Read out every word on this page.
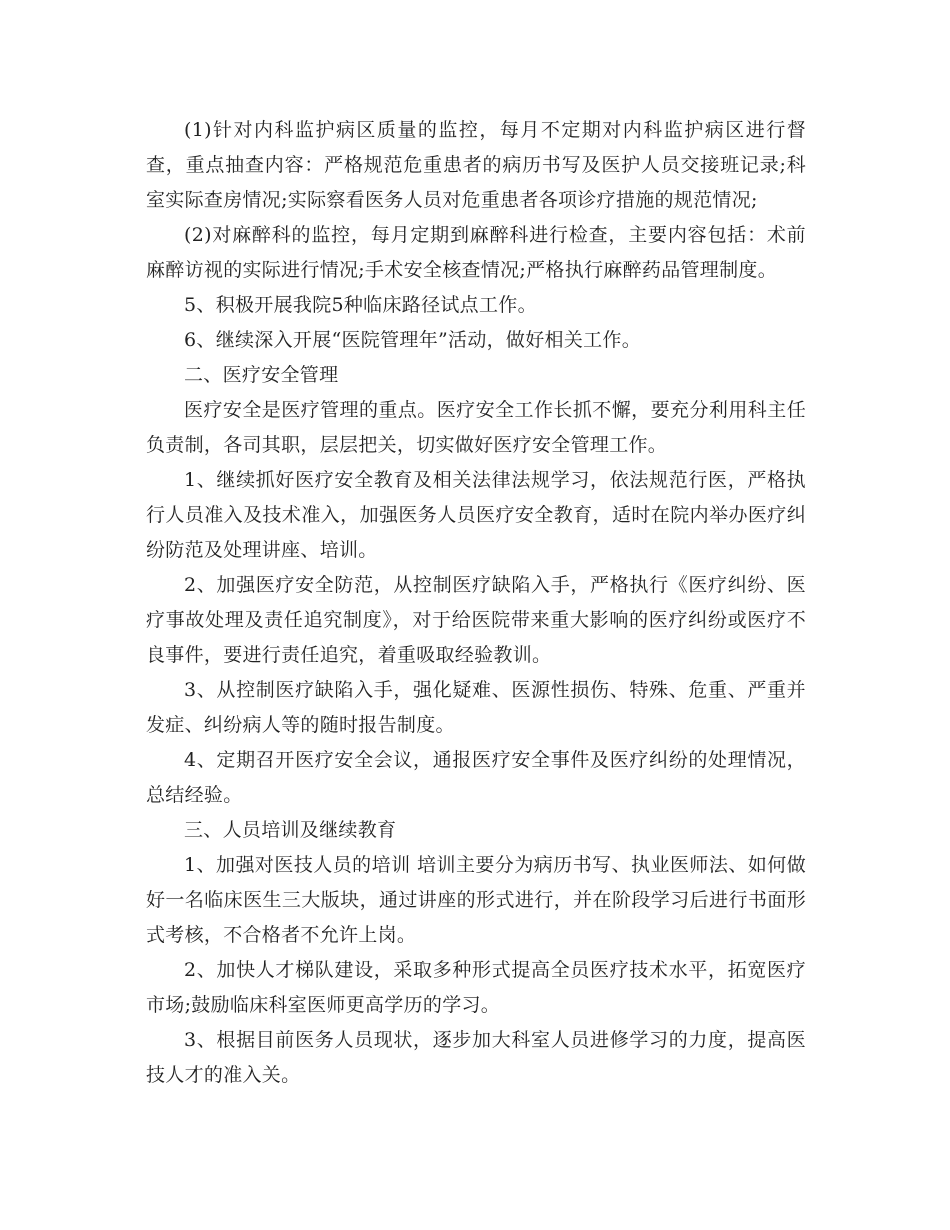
(1)针对内科监护病区质量的监控，每月不定期对内科监护病区进行督查，重点抽查内容：严格规范危重患者的病历书写及医护人员交接班记录;科室实际查房情况;实际察看医务人员对危重患者各项诊疗措施的规范情况;

(2)对麻醉科的监控，每月定期到麻醉科进行检查，主要内容包括：术前麻醉访视的实际进行情况;手术安全核查情况;严格执行麻醉药品管理制度。

5、积极开展我院5种临床路径试点工作。

6、继续深入开展“医院管理年”活动，做好相关工作。

二、医疗安全管理

医疗安全是医疗管理的重点。医疗安全工作长抓不懈，要充分利用科主任负责制，各司其职，层层把关，切实做好医疗安全管理工作。

1、继续抓好医疗安全教育及相关法律法规学习，依法规范行医，严格执行人员准入及技术准入，加强医务人员医疗安全教育，适时在院内举办医疗纠纷防范及处理讲座、培训。

2、加强医疗安全防范，从控制医疗缺陷入手，严格执行《医疗纠纷、医疗事故处理及责任追究制度》，对于给医院带来重大影响的医疗纠纷或医疗不良事件，要进行责任追究，着重吸取经验教训。

3、从控制医疗缺陷入手，强化疑难、医源性损伤、特殊、危重、严重并发症、纠纷病人等的随时报告制度。

4、定期召开医疗安全会议，通报医疗安全事件及医疗纠纷的处理情况，总结经验。

三、人员培训及继续教育

1、加强对医技人员的培训 培训主要分为病历书写、执业医师法、如何做好一名临床医生三大版块，通过讲座的形式进行，并在阶段学习后进行书面形式考核，不合格者不允许上岗。

2、加快人才梯队建设，采取多种形式提高全员医疗技术水平，拓宽医疗市场;鼓励临床科室医师更高学历的学习。

3、根据目前医务人员现状，逐步加大科室人员进修学习的力度，提高医技人才的准入关。
